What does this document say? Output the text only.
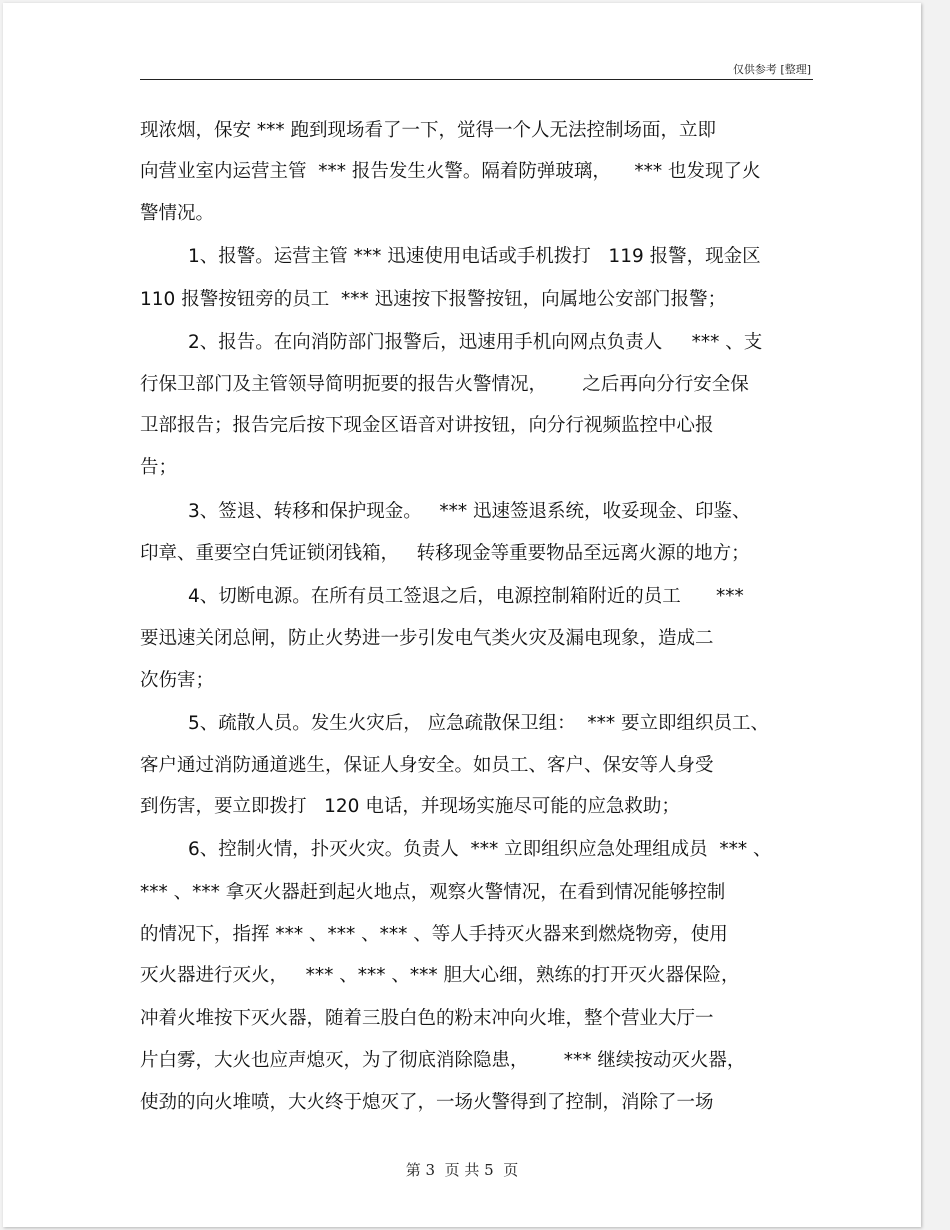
仅供参考 [整理]
现浓烟，保安 *** 跑到现场看了一下，觉得一个人无法控制场面，立即
向营业室内运营主管  *** 报告发生火警。隔着防弹玻璃，    *** 也发现了火
警情况。
1、报警。运营主管 *** 迅速使用电话或手机拨打   119 报警，现金区
110 报警按钮旁的员工  *** 迅速按下报警按钮，向属地公安部门报警；
2、报告。在向消防部门报警后，迅速用手机向网点负责人     *** 、支
行保卫部门及主管领导简明扼要的报告火警情况，      之后再向分行安全保
卫部报告；报告完后按下现金区语音对讲按钮，向分行视频监控中心报
告；
3、签退、转移和保护现金。   *** 迅速签退系统，收妥现金、印鉴、
印章、重要空白凭证锁闭钱箱，   转移现金等重要物品至远离火源的地方；
4、切断电源。在所有员工签退之后，电源控制箱附近的员工      ***
要迅速关闭总闸，防止火势进一步引发电气类火灾及漏电现象，造成二
次伤害；
5、疏散人员。发生火灾后， 应急疏散保卫组：  *** 要立即组织员工、
客户通过消防通道逃生，保证人身安全。如员工、客户、保安等人身受
到伤害，要立即拨打   120 电话，并现场实施尽可能的应急救助；
6、控制火情，扑灭火灾。负责人  *** 立即组织应急处理组成员  *** 、
*** 、*** 拿灭火器赶到起火地点，观察火警情况，在看到情况能够控制
的情况下，指挥 *** 、*** 、*** 、等人手持灭火器来到燃烧物旁，使用
灭火器进行灭火，   *** 、*** 、*** 胆大心细，熟练的打开灭火器保险，
冲着火堆按下灭火器，随着三股白色的粉末冲向火堆，整个营业大厅一
片白雾，大火也应声熄灭，为了彻底消除隐患，      *** 继续按动灭火器，
使劲的向火堆喷，大火终于熄灭了，一场火警得到了控制，消除了一场
第 3  页 共 5  页
